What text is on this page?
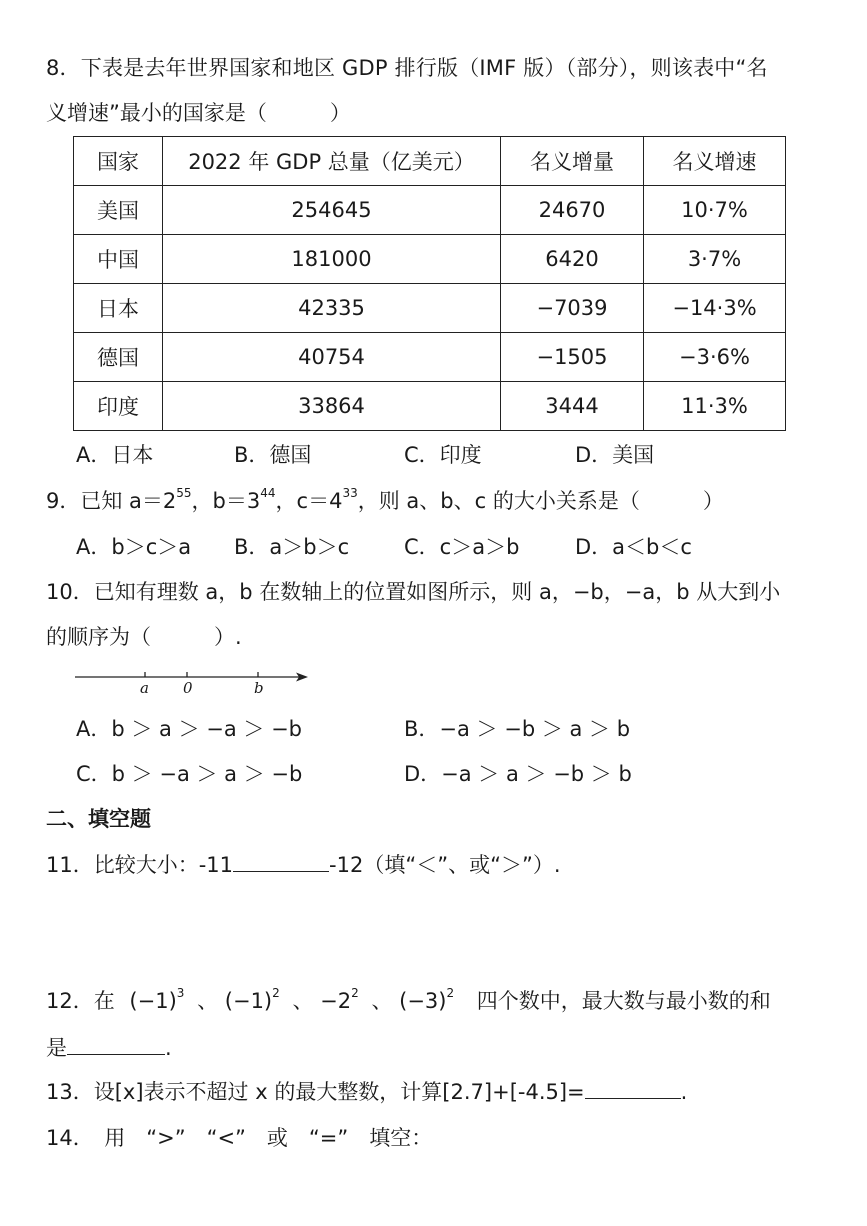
8．下表是去年世界国家和地区 GDP 排行版（IMF 版）（部分），则该表中“名
义增速”最小的国家是（　　　）
国家	2022 年 GDP 总量（亿美元）	名义增量	名义增速
美国	254645	24670	10·7%
中国	181000	6420	3·7%
日本	42335	−7039	−14·3%
德国	40754	−1505	−3·6%
印度	33864	3444	11·3%
A．日本	B．德国	C．印度	D．美国
9．已知 $a=2^{55}$，$b=3^{44}$，$c=4^{33}$，则 a、b、c 的大小关系是（　　　）
A．b＞c＞a B．a＞b＞c	C．c＞a＞b	D．a＜b＜c
10．已知有理数 a，b 在数轴上的位置如图所示，则 a，−b，−a，b 从大到小
的顺序为（　　　）.
a 0	b
A．b ＞ a ＞ −a ＞ −b	B．−a ＞ −b ＞ a ＞ b
C．b ＞ −a ＞ a ＞ −b	D．−a ＞ a ＞ −b ＞ b
二、填空题
11．比较大小：-11	-12（填“＜”、或“＞”）.
12．在 $(-1)^3$ 、 $(-1)^2$ 、 $-2^2$ 、 $(-3)^2$ 四个数中，最大数与最小数的和
是	.
13．设[x]表示不超过 x 的最大整数，计算[2.7]+[-4.5]=	.
14．　用　“>”　“<”　或　“=”　填空：
